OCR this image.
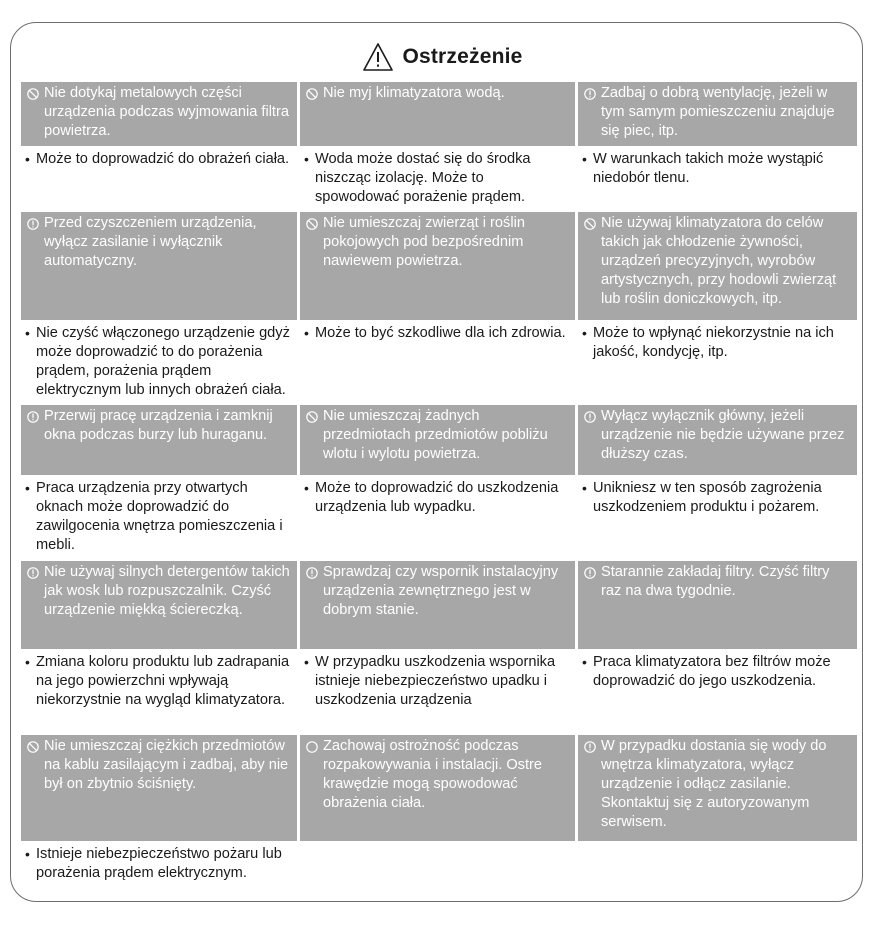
Ostrzeżenie
Nie dotykaj metalowych części urządzenia podczas wyjmowania filtra powietrza.
Nie myj klimatyzatora wodą.	Zadbaj o dobrą wentylację, jeżeli w tym samym pomieszczeniu znajduje się piec, itp.
• Może to doprowadzić do obrażeń ciała. • Woda może dostać się do środka niszcząc izolację. Może to spowodować porażenie prądem.
• W warunkach takich może wystąpić niedobór tlenu.
Przed czyszczeniem urządzenia, wyłącz zasilanie i wyłącznik automatyczny.
Nie umieszczaj zwierząt i roślin pokojowych pod bezpośrednim nawiewem powietrza.
Nie używaj klimatyzatora do celów takich jak chłodzenie żywności, urządzeń precyzyjnych, wyrobów artystycznych, przy hodowli zwierząt lub roślin doniczkowych, itp.
• Nie czyść włączonego urządzenie gdyż może doprowadzić to do porażenia prądem, porażenia prądem elektrycznym lub innych obrażeń ciała.
• Może to być szkodliwe dla ich zdrowia. • Może to wpłynąć niekorzystnie na ich jakość, kondycję, itp.
Przerwij pracę urządzenia i zamknij okna podczas burzy lub huraganu.
Nie umieszczaj żadnych przedmiotach przedmiotów pobliżu wlotu i wylotu powietrza.
Wyłącz wyłącznik główny, jeżeli urządzenie nie będzie używane przez dłuższy czas.
• Praca urządzenia przy otwartych oknach może doprowadzić do zawilgocenia wnętrza pomieszczenia i mebli.
• Może to doprowadzić do uszkodzenia urządzenia lub wypadku.
• Unikniesz w ten sposób zagrożenia uszkodzeniem produktu i pożarem.
Nie używaj silnych detergentów takich jak wosk lub rozpuszczalnik. Czyść urządzenie miękką ściereczką.
Sprawdzaj czy wspornik instalacyjny urządzenia zewnętrznego jest w dobrym stanie.
Starannie zakładaj filtry. Czyść filtry raz na dwa tygodnie.
• Zmiana koloru produktu lub zadrapania na jego powierzchni wpływają niekorzystnie na wygląd klimatyzatora.
• W przypadku uszkodzenia wspornika istnieje niebezpieczeństwo upadku i uszkodzenia urządzenia
• Praca klimatyzatora bez filtrów może doprowadzić do jego uszkodzenia.
Nie umieszczaj ciężkich przedmiotów na kablu zasilającym i zadbaj, aby nie był on zbytnio ściśnięty.
Zachowaj ostrożność podczas rozpakowywania i instalacji. Ostre krawędzie mogą spowodować obrażenia ciała.
W przypadku dostania się wody do wnętrza klimatyzatora, wyłącz urządzenie i odłącz zasilanie. Skontaktuj się z autoryzowanym serwisem.
• Istnieje niebezpieczeństwo pożaru lub porażenia prądem elektrycznym.
